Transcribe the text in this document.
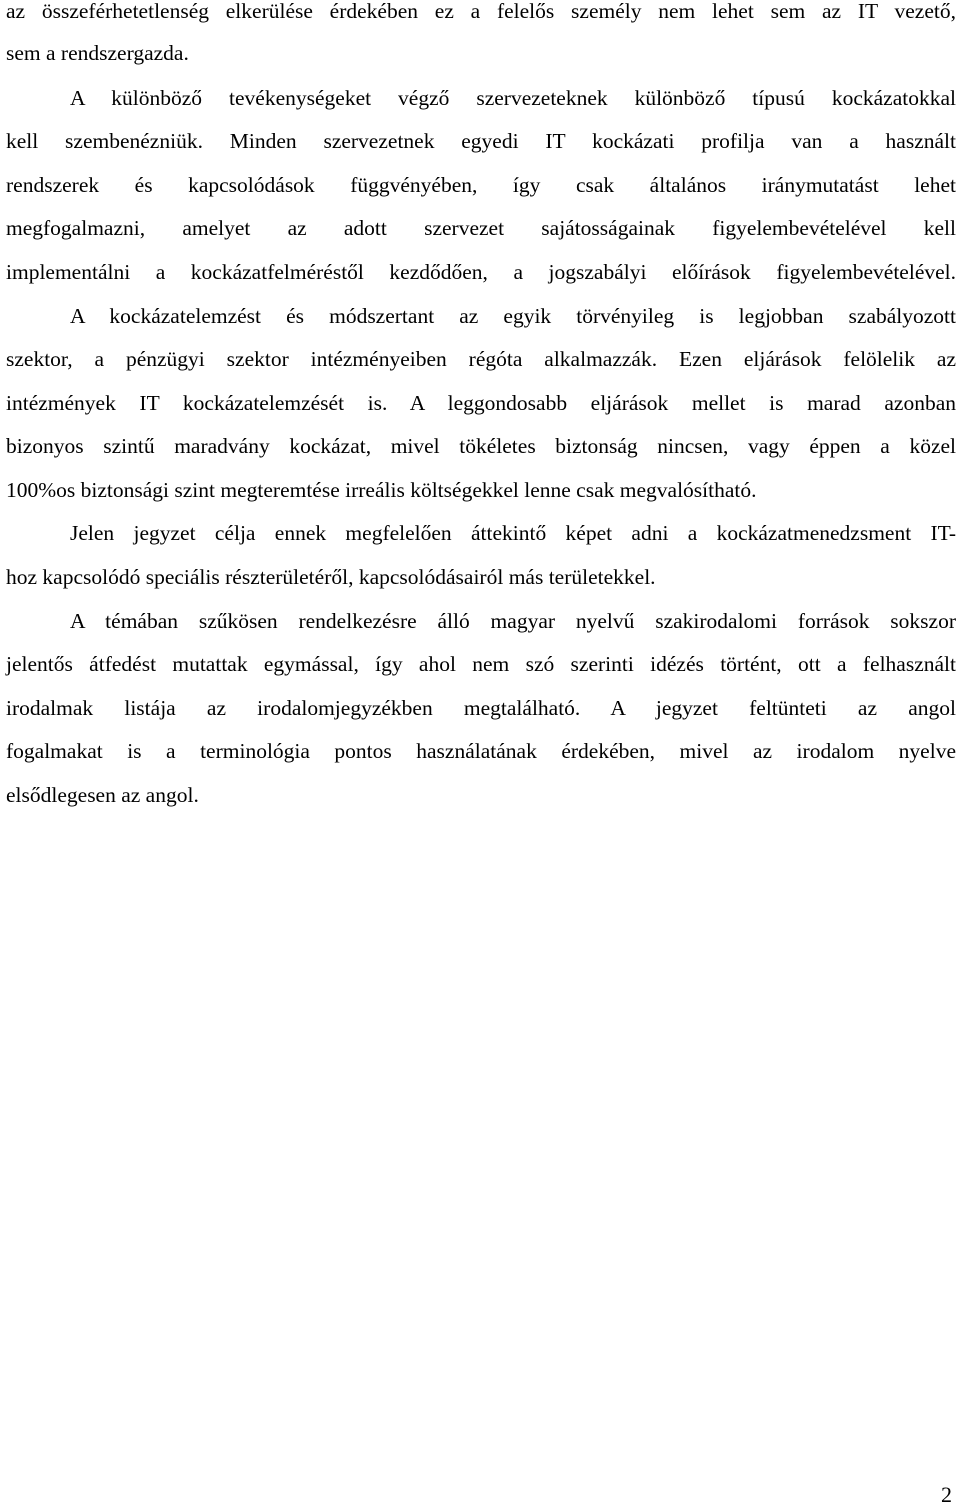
az összeférhetetlenség elkerülése érdekében ez a felelős személy nem lehet sem az IT vezető,
sem a rendszergazda.
A különböző tevékenységeket végző szervezeteknek különböző típusú kockázatokkal
kell szembenézniük. Minden szervezetnek egyedi IT kockázati profilja van a használt
rendszerek és kapcsolódások függvényében, így csak általános iránymutatást lehet
megfogalmazni, amelyet az adott szervezet sajátosságainak figyelembevételével kell
implementálni a kockázatfelméréstől kezdődően, a jogszabályi előírások figyelembevételével.
A kockázatelemzést és módszertant az egyik törvényileg is legjobban szabályozott
szektor, a pénzügyi szektor intézményeiben régóta alkalmazzák. Ezen eljárások felölelik az
intézmények IT kockázatelemzését is. A leggondosabb eljárások mellet is marad azonban
bizonyos szintű maradvány kockázat, mivel tökéletes biztonság nincsen, vagy éppen a közel
100%os biztonsági szint megteremtése irreális költségekkel lenne csak megvalósítható.
Jelen jegyzet célja ennek megfelelően áttekintő képet adni a kockázatmenedzsment IT-
hoz kapcsolódó speciális részterületéről, kapcsolódásairól más területekkel.
A témában szűkösen rendelkezésre álló magyar nyelvű szakirodalomi források sokszor
jelentős átfedést mutattak egymással, így ahol nem szó szerinti idézés történt, ott a felhasznált
irodalmak listája az irodalomjegyzékben megtalálható. A jegyzet feltünteti az angol
fogalmakat is a terminológia pontos használatának érdekében, mivel az irodalom nyelve
elsődlegesen az angol.
2
